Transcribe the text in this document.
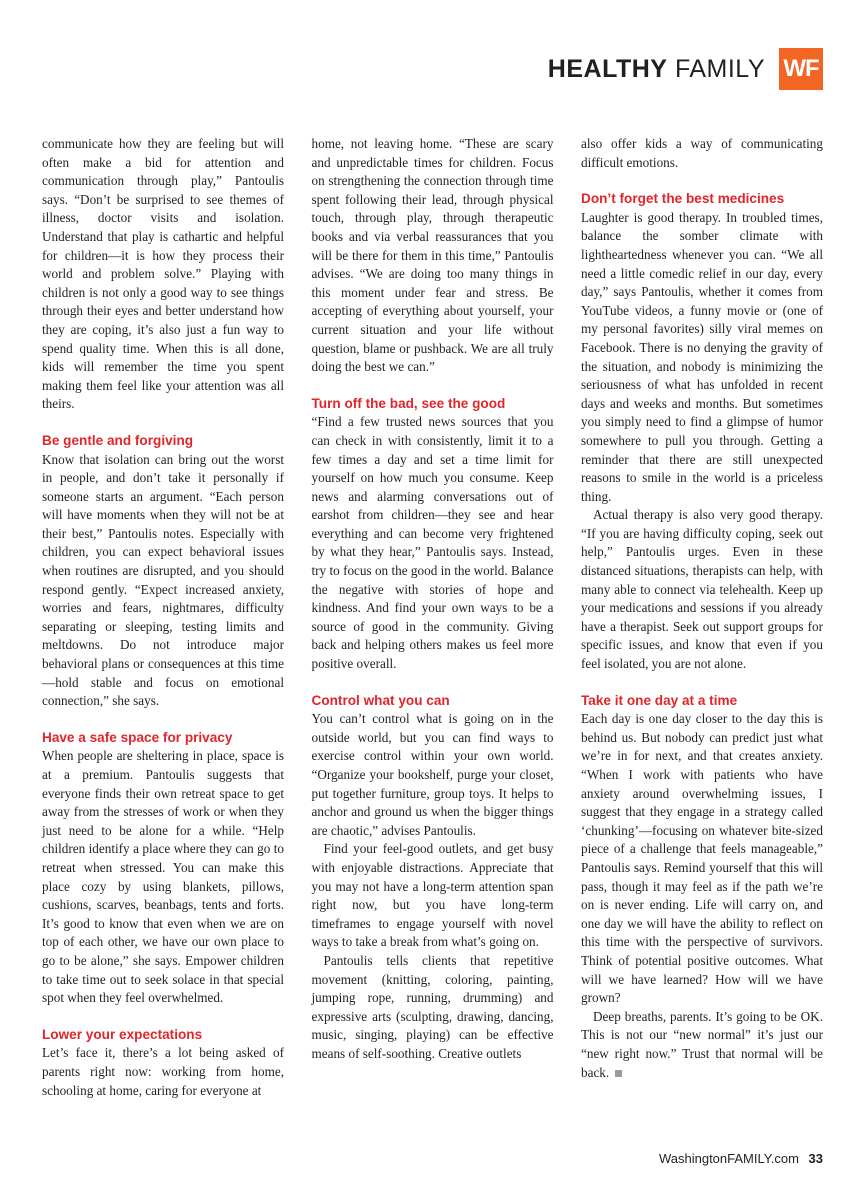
HEALTHY FAMILY WF

communicate how they are feeling but will often make a bid for attention and communication through play,” Pantoulis says. “Don’t be surprised to see themes of illness, doctor visits and isolation. Understand that play is cathartic and helpful for children—it is how they process their world and problem solve.” Playing with children is not only a good way to see things through their eyes and better understand how they are coping, it’s also just a fun way to spend quality time. When this is all done, kids will remember the time you spent making them feel like your attention was all theirs.

Be gentle and forgiving

Know that isolation can bring out the worst in people, and don’t take it personally if someone starts an argument. “Each person will have moments when they will not be at their best,” Pantoulis notes. Especially with children, you can expect behavioral issues when routines are disrupted, and you should respond gently. “Expect increased anxiety, worries and fears, nightmares, difficulty separating or sleeping, testing limits and meltdowns. Do not introduce major behavioral plans or consequences at this time—hold stable and focus on emotional connection,” she says.

Have a safe space for privacy

When people are sheltering in place, space is at a premium. Pantoulis suggests that everyone finds their own retreat space to get away from the stresses of work or when they just need to be alone for a while. “Help children identify a place where they can go to retreat when stressed. You can make this place cozy by using blankets, pillows, cushions, scarves, beanbags, tents and forts. It’s good to know that even when we are on top of each other, we have our own place to go to be alone,” she says. Empower children to take time out to seek solace in that special spot when they feel overwhelmed.

Lower your expectations

Let’s face it, there’s a lot being asked of parents right now: working from home, schooling at home, caring for everyone at

home, not leaving home. “These are scary and unpredictable times for children. Focus on strengthening the connection through time spent following their lead, through physical touch, through play, through therapeutic books and via verbal reassurances that you will be there for them in this time,” Pantoulis advises. “We are doing too many things in this moment under fear and stress. Be accepting of everything about yourself, your current situation and your life without question, blame or pushback. We are all truly doing the best we can.”

Turn off the bad, see the good

“Find a few trusted news sources that you can check in with consistently, limit it to a few times a day and set a time limit for yourself on how much you consume. Keep news and alarming conversations out of earshot from children—they see and hear everything and can become very frightened by what they hear,” Pantoulis says. Instead, try to focus on the good in the world. Balance the negative with stories of hope and kindness. And find your own ways to be a source of good in the community. Giving back and helping others makes us feel more positive overall.

Control what you can

You can’t control what is going on in the outside world, but you can find ways to exercise control within your own world. “Organize your bookshelf, purge your closet, put together furniture, group toys. It helps to anchor and ground us when the bigger things are chaotic,” advises Pantoulis.

Find your feel-good outlets, and get busy with enjoyable distractions. Appreciate that you may not have a long-term attention span right now, but you have long-term timeframes to engage yourself with novel ways to take a break from what’s going on.

Pantoulis tells clients that repetitive movement (knitting, coloring, painting, jumping rope, running, drumming) and expressive arts (sculpting, drawing, dancing, music, singing, playing) can be effective means of self-soothing. Creative outlets

also offer kids a way of communicating difficult emotions.

Don’t forget the best medicines

Laughter is good therapy. In troubled times, balance the somber climate with lightheartedness whenever you can. “We all need a little comedic relief in our day, every day,” says Pantoulis, whether it comes from YouTube videos, a funny movie or (one of my personal favorites) silly viral memes on Facebook. There is no denying the gravity of the situation, and nobody is minimizing the seriousness of what has unfolded in recent days and weeks and months. But sometimes you simply need to find a glimpse of humor somewhere to pull you through. Getting a reminder that there are still unexpected reasons to smile in the world is a priceless thing.

Actual therapy is also very good therapy. “If you are having difficulty coping, seek out help,” Pantoulis urges. Even in these distanced situations, therapists can help, with many able to connect via telehealth. Keep up your medications and sessions if you already have a therapist. Seek out support groups for specific issues, and know that even if you feel isolated, you are not alone.

Take it one day at a time

Each day is one day closer to the day this is behind us. But nobody can predict just what we’re in for next, and that creates anxiety. “When I work with patients who have anxiety around overwhelming issues, I suggest that they engage in a strategy called ‘chunking’—focusing on whatever bite-sized piece of a challenge that feels manageable,” Pantoulis says. Remind yourself that this will pass, though it may feel as if the path we’re on is never ending. Life will carry on, and one day we will have the ability to reflect on this time with the perspective of survivors. Think of potential positive outcomes. What will we have learned? How will we have grown?

Deep breaths, parents. It’s going to be OK. This is not our “new normal” it’s just our “new right now.” Trust that normal will be back.

WashingtonFAMILY.com 33
